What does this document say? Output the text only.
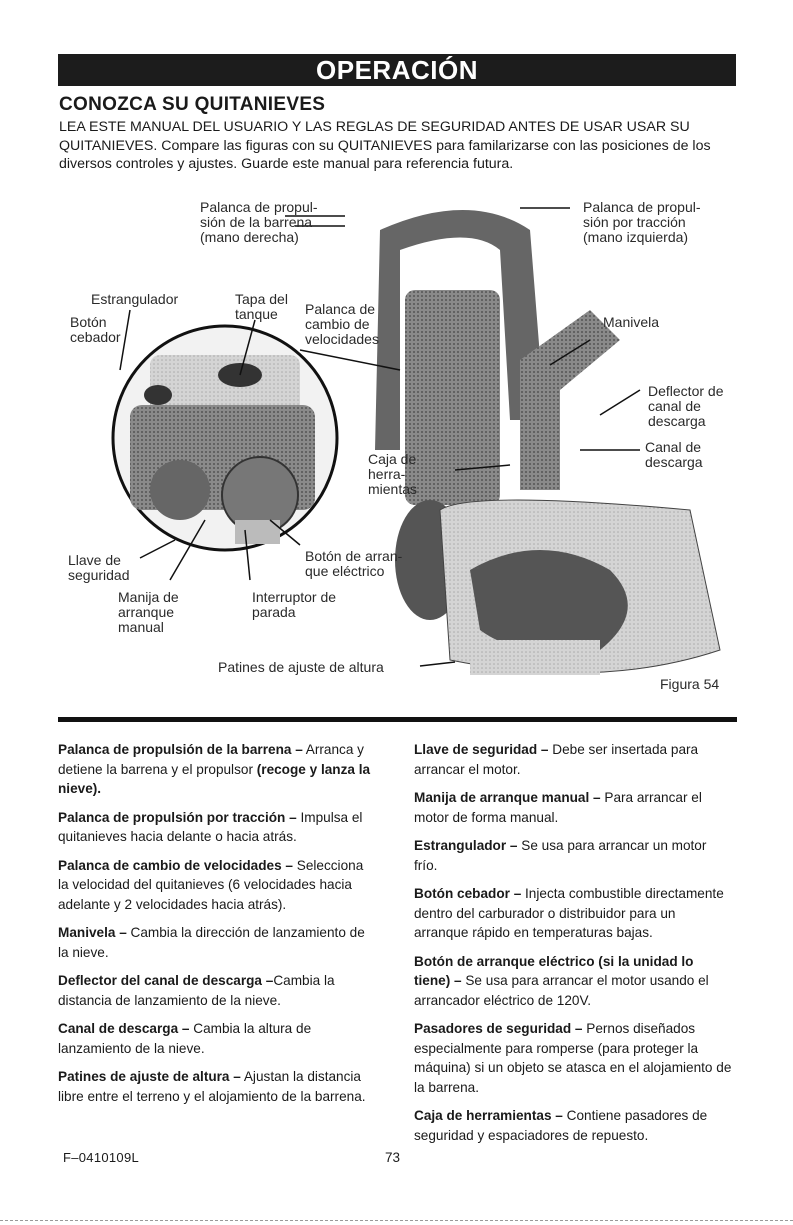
OPERACIÓN
CONOZCA SU QUITANIEVES
LEA ESTE MANUAL DEL USUARIO Y LAS REGLAS DE SEGURIDAD ANTES DE USAR USAR SU QUITANIEVES. Compare las figuras con su QUITANIEVES para familarizarse con las posiciones de los diversos controles y ajustes. Guarde este manual para referencia futura.
Palanca de propul-
sión de la barrena
(mano derecha)
Palanca de propul-
sión por tracción
(mano izquierda)
Estrangulador
Botón
cebador
Tapa del
tanque	Palanca de
cambio de
velocidades
Manivela
Deflector de
canal de
descarga
Canal de
descarga
Caja de
herra-
mientas
Llave de
seguridad
Botón de arran-
que eléctrico
Manija de
arranque
manual
Interruptor de
parada
Patines de ajuste de altura
Figura 54

Palanca de propulsión de la barrena – Arranca y detiene la barrena y el propulsor (recoge y lanza la nieve).

Palanca de propulsión por tracción – Impulsa el quitanieves hacia delante o hacia atrás.

Palanca de cambio de velocidades – Selecciona la velocidad del quitanieves (6 velocidades hacia adelante y 2 velocidades hacia atrás).

Manivela – Cambia la dirección de lanzamiento de la nieve.

Deflector del canal de descarga –Cambia la distancia de lanzamiento de la nieve.

Canal de descarga – Cambia la altura de lanzamiento de la nieve.

Patines de ajuste de altura – Ajustan la distancia libre entre el terreno y el alojamiento de la barrena.

Llave de seguridad – Debe ser insertada para arrancar el motor.

Manija de arranque manual – Para arrancar el motor de forma manual.

Estrangulador – Se usa para arrancar un motor frío.

Botón cebador – Injecta combustible directamente dentro del carburador o distribuidor para un arranque rápido en temperaturas bajas.

Botón de arranque eléctrico (si la unidad lo tiene) – Se usa para arrancar el motor usando el arrancador eléctrico de 120V.

Pasadores de seguridad – Pernos diseñados especialmente para romperse (para proteger la máquina) si un objeto se atasca en el alojamiento de la barrena.

Caja de herramientas – Contiene pasadores de seguridad y espaciadores de repuesto.

F–0410109L	73
